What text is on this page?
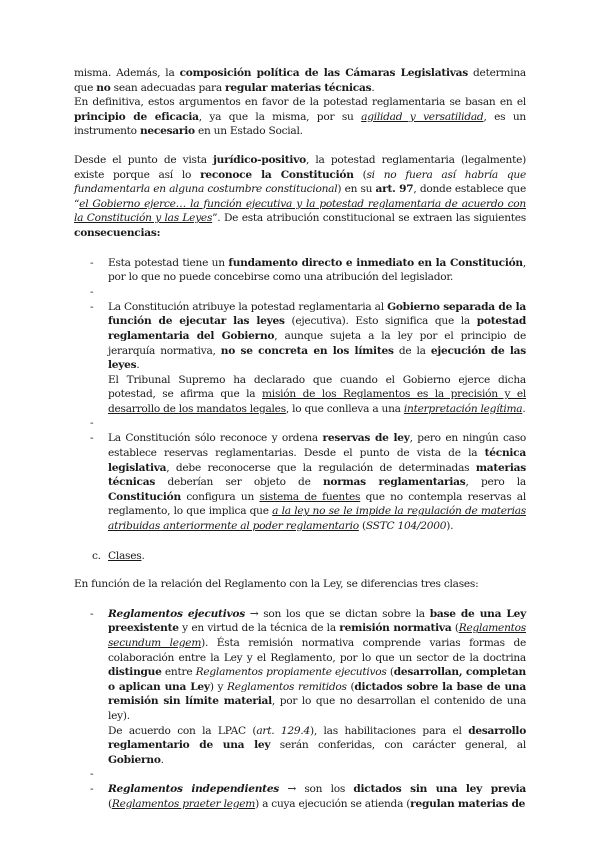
misma. Además, la composición política de las Cámaras Legislativas determina que no sean adecuadas para regular materias técnicas.

En definitiva, estos argumentos en favor de la potestad reglamentaria se basan en el principio de eficacia, ya que la misma, por su agilidad y versatilidad, es un instrumento necesario en un Estado Social.

Desde el punto de vista jurídico-positivo, la potestad reglamentaria (legalmente) existe porque así lo reconoce la Constitución (si no fuera así habría que fundamentarla en alguna costumbre constitucional) en su art. 97, donde establece que “el Gobierno ejerce… la función ejecutiva y la potestad reglamentaria de acuerdo con la Constitución y las Leyes”. De esta atribución constitucional se extraen las siguientes consecuencias:

- Esta potestad tiene un fundamento directo e inmediato en la Constitución, por lo que no puede concebirse como una atribución del legislador.

-

- La Constitución atribuye la potestad reglamentaria al Gobierno separada de la función de ejecutar las leyes (ejecutiva). Esto significa que la potestad reglamentaria del Gobierno, aunque sujeta a la ley por el principio de jerarquía normativa, no se concreta en los límites de la ejecución de las leyes.

El Tribunal Supremo ha declarado que cuando el Gobierno ejerce dicha potestad, se afirma que la misión de los Reglamentos es la precisión y el desarrollo de los mandatos legales, lo que conlleva a una interpretación legítima.

-

- La Constitución sólo reconoce y ordena reservas de ley, pero en ningún caso establece reservas reglamentarias. Desde el punto de vista de la técnica legislativa, debe reconocerse que la regulación de determinadas materias técnicas deberían ser objeto de normas reglamentarias, pero la Constitución configura un sistema de fuentes que no contempla reservas al reglamento, lo que implica que a la ley no se le impide la regulación de materias atribuidas anteriormente al poder reglamentario (SSTC 104/2000).

c. Clases.

En función de la relación del Reglamento con la Ley, se diferencias tres clases:

- Reglamentos ejecutivos → son los que se dictan sobre la base de una Ley preexistente y en virtud de la técnica de la remisión normativa (Reglamentos secundum legem). Ésta remisión normativa comprende varias formas de colaboración entre la Ley y el Reglamento, por lo que un sector de la doctrina distingue entre Reglamentos propiamente ejecutivos (desarrollan, completan o aplican una Ley) y Reglamentos remitidos (dictados sobre la base de una remisión sin límite material, por lo que no desarrollan el contenido de una ley).

De acuerdo con la LPAC (art. 129.4), las habilitaciones para el desarrollo reglamentario de una ley serán conferidas, con carácter general, al Gobierno.

-

- Reglamentos independientes → son los dictados sin una ley previa (Reglamentos praeter legem) a cuya ejecución se atienda (regulan materias de
